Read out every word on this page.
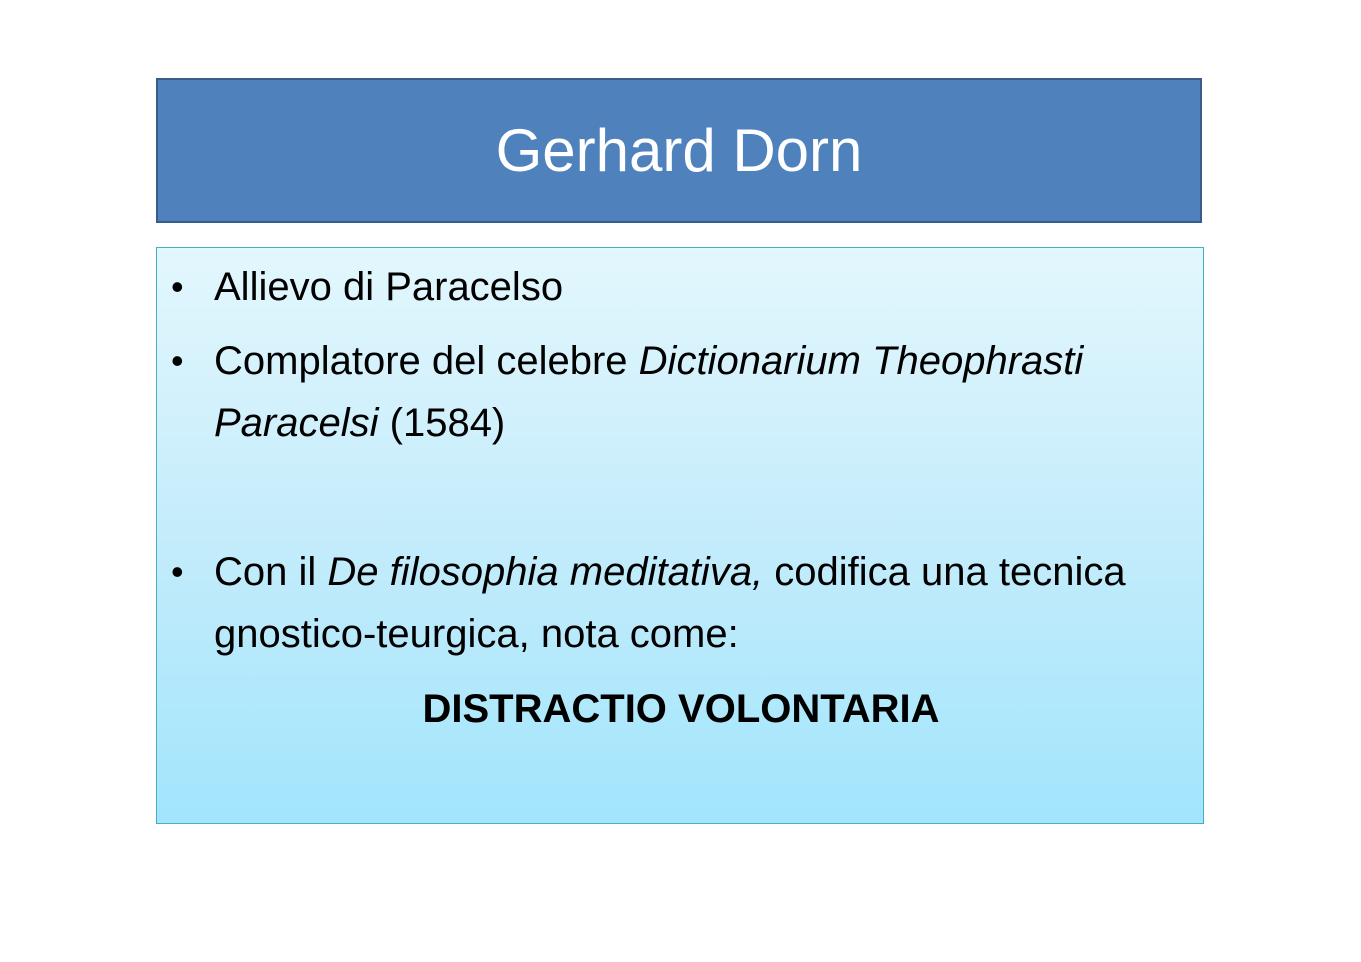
Gerhard Dorn
• Allievo di Paracelso
• Complatore del celebre Dictionarium Theophrasti Paracelsi (1584)
• Con il De filosophia meditativa, codifica una tecnica gnostico-teurgica, nota come:
DISTRACTIO VOLONTARIA
